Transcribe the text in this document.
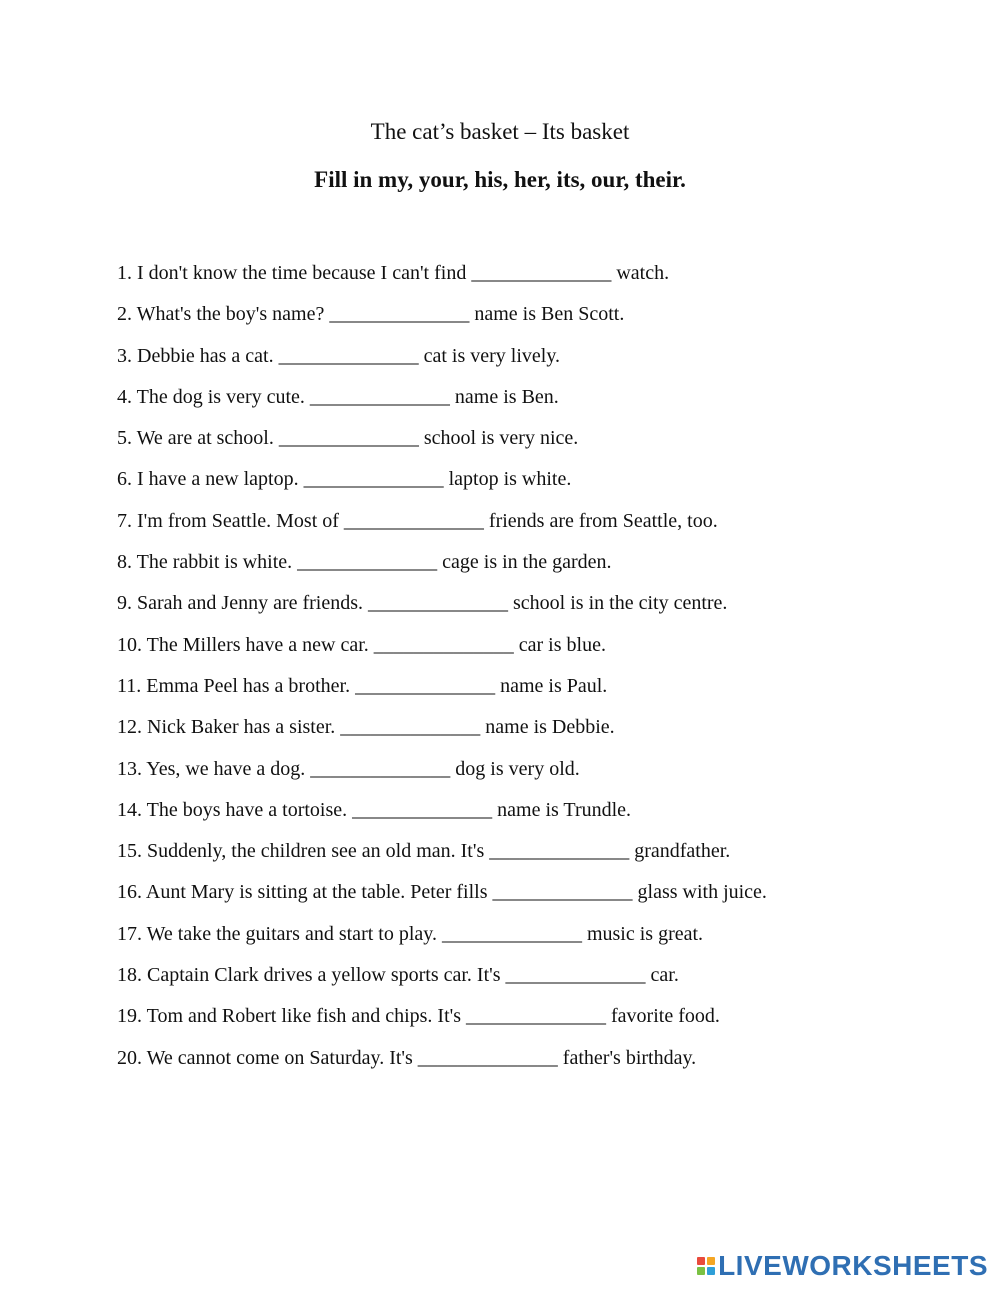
The cat’s basket – Its basket
Fill in my, your, his, her, its, our, their.
1. I don't know the time because I can't find ______________ watch.
2. What's the boy's name? ______________ name is Ben Scott.
3. Debbie has a cat. ______________ cat is very lively.
4. The dog is very cute. ______________ name is Ben.
5. We are at school. ______________ school is very nice.
6. I have a new laptop. ______________ laptop is white.
7. I'm from Seattle. Most of ______________ friends are from Seattle, too.
8. The rabbit is white. ______________ cage is in the garden.
9. Sarah and Jenny are friends. ______________ school is in the city centre.
10. The Millers have a new car. ______________ car is blue.
11. Emma Peel has a brother. ______________ name is Paul.
12. Nick Baker has a sister. ______________ name is Debbie.
13. Yes, we have a dog. ______________ dog is very old.
14. The boys have a tortoise. ______________ name is Trundle.
15. Suddenly, the children see an old man. It's ______________ grandfather.
16. Aunt Mary is sitting at the table. Peter fills ______________ glass with juice.
17. We take the guitars and start to play. ______________ music is great.
18. Captain Clark drives a yellow sports car. It's ______________ car.
19. Tom and Robert like fish and chips. It's ______________ favorite food.
20. We cannot come on Saturday. It's ______________ father's birthday.
LIVEWORKSHEETS
